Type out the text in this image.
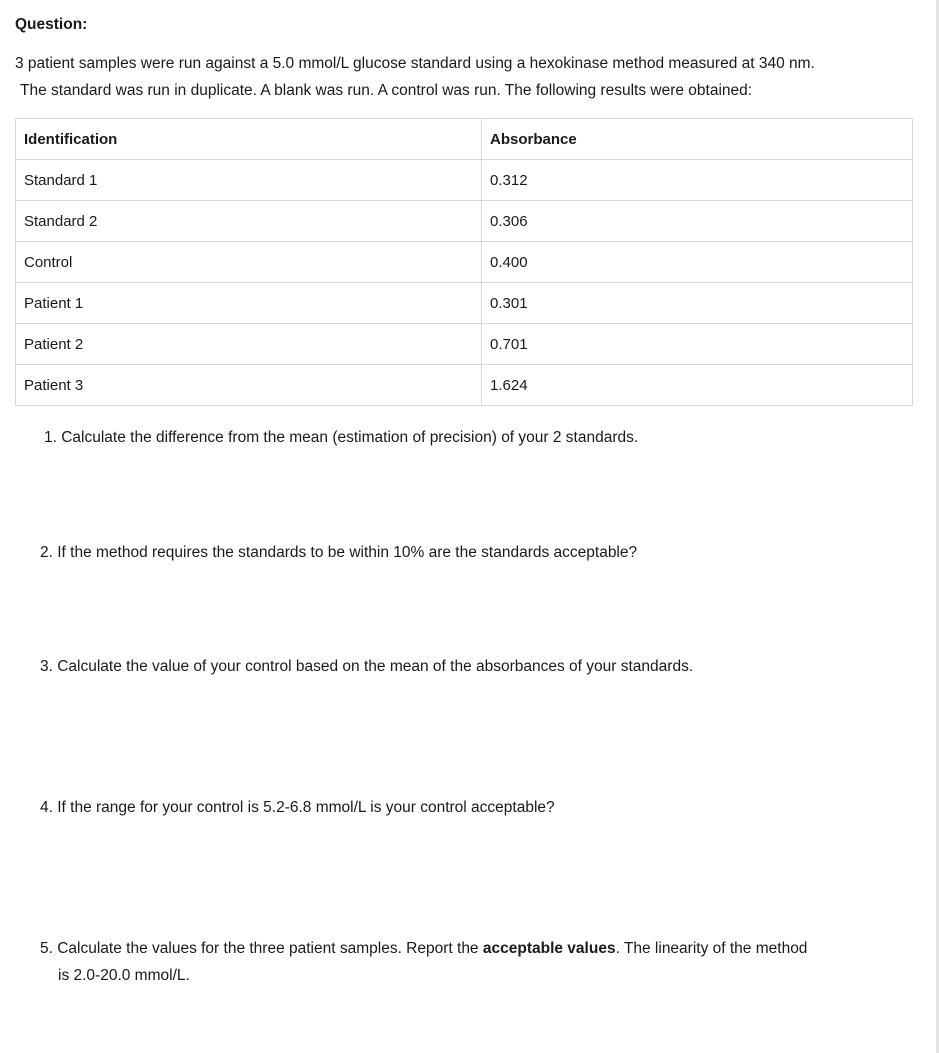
Question:

3 patient samples were run against a 5.0 mmol/L glucose standard using a hexokinase method measured at 340 nm.

The standard was run in duplicate. A blank was run. A control was run. The following results were obtained:

Identification	Absorbance
Standard 1	0.312
Standard 2	0.306
Control	0.400
Patient 1	0.301
Patient 2	0.701
Patient 3	1.624

1. Calculate the difference from the mean (estimation of precision) of your 2 standards.

2. If the method requires the standards to be within 10% are the standards acceptable?

3. Calculate the value of your control based on the mean of the absorbances of your standards.

4. If the range for your control is 5.2-6.8 mmol/L is your control acceptable?

5. Calculate the values for the three patient samples. Report the acceptable values. The linearity of the method
is 2.0-20.0 mmol/L.
